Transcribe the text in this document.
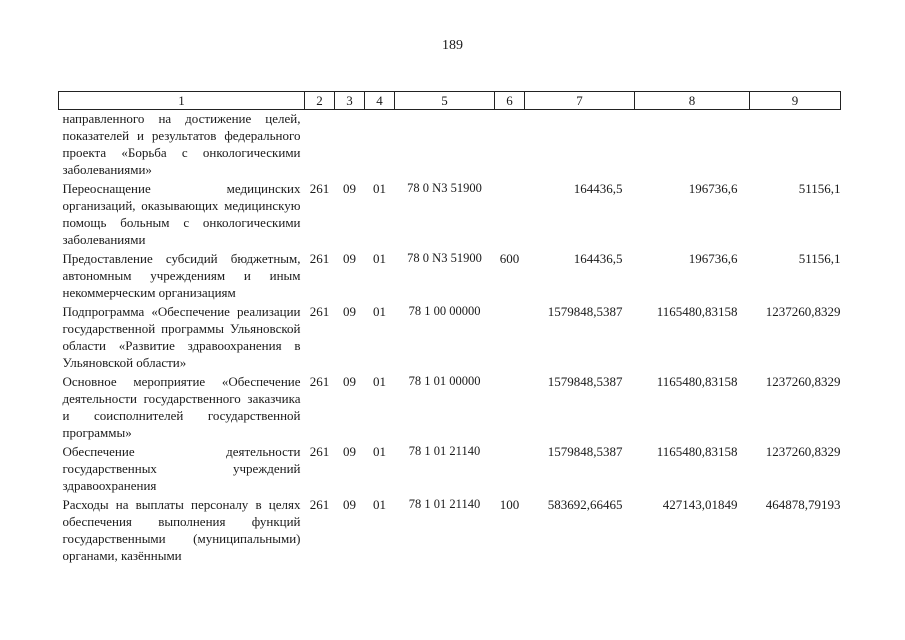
189
1	2	3	4	5	6	7	8	9
направленного на достижение целей, показателей и результатов федерального проекта «Борьба с онкологическими заболеваниями»								
Переоснащение медицинских организаций, оказывающих медицинскую помощь больным с онкологическими заболеваниями	261	09	01	78 0 N3 51900		164436,5	196736,6	51156,1
Предоставление субсидий бюджетным, автономным учреждениям и иным некоммерческим организациям	261	09	01	78 0 N3 51900	600	164436,5	196736,6	51156,1
Подпрограмма «Обеспечение реализации государственной программы Ульяновской области «Развитие здравоохранения в Ульяновской области»	261	09	01	78 1 00 00000		1579848,5387	1165480,83158	1237260,8329
Основное мероприятие «Обеспечение деятельности государственного заказчика и соисполнителей государственной программы»	261	09	01	78 1 01 00000		1579848,5387	1165480,83158	1237260,8329
Обеспечение деятельности государственных учреждений здравоохранения	261	09	01	78 1 01 21140		1579848,5387	1165480,83158	1237260,8329
Расходы на выплаты персоналу в целях обеспечения выполнения функций государственными (муниципальными) органами, казёнными	261	09	01	78 1 01 21140	100	583692,66465	427143,01849	464878,79193
